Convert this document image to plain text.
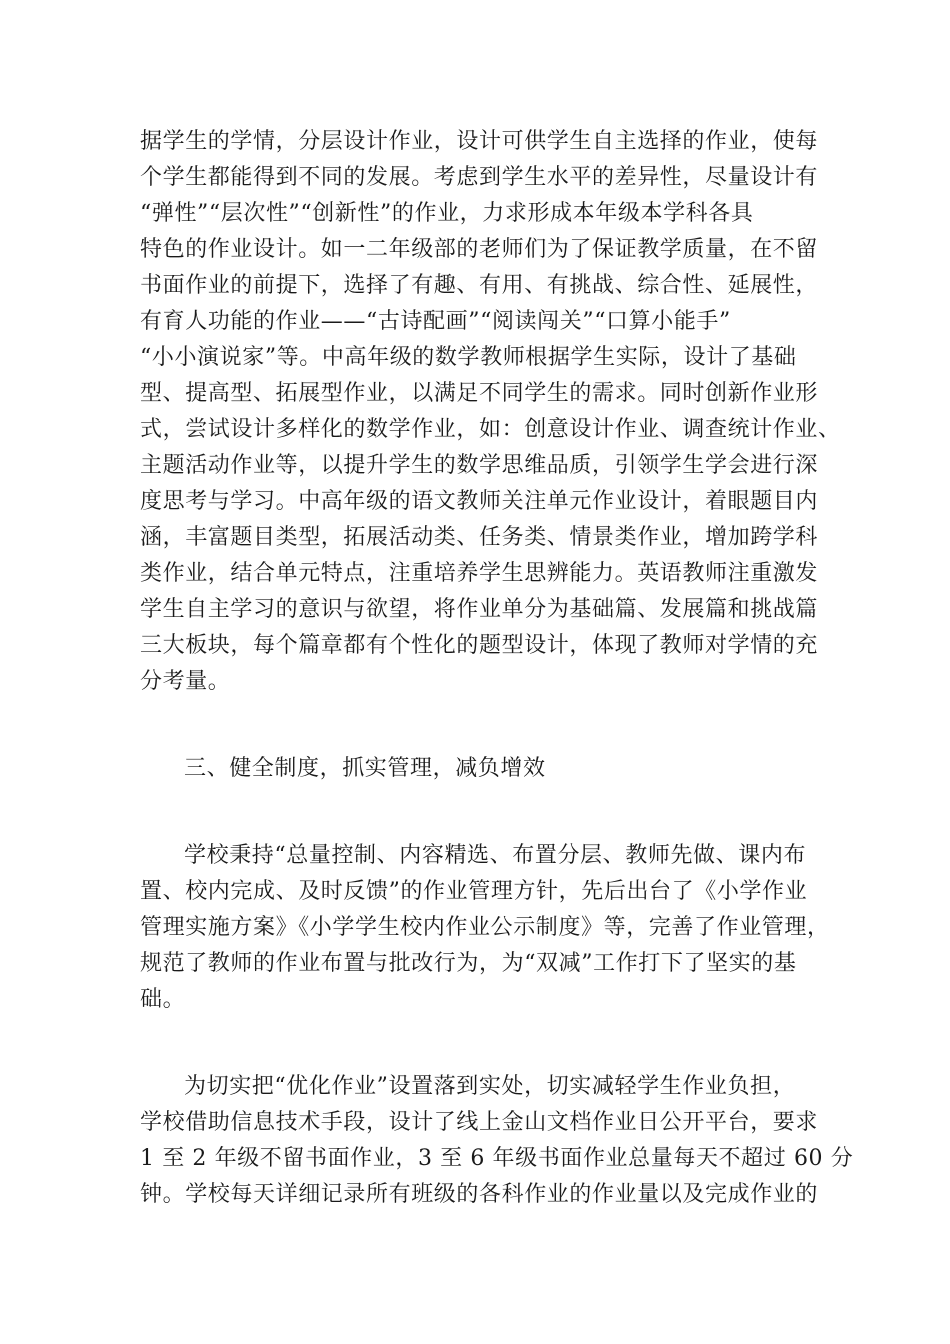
据学生的学情，分层设计作业，设计可供学生自主选择的作业，使每
个学生都能得到不同的发展。考虑到学生水平的差异性，尽量设计有
“弹性”“层次性”“创新性”的作业，力求形成本年级本学科各具
特色的作业设计。如一二年级部的老师们为了保证教学质量，在不留
书面作业的前提下，选择了有趣、有用、有挑战、综合性、延展性，
有育人功能的作业——“古诗配画”“阅读闯关”“口算小能手”
“小小演说家”等。中高年级的数学教师根据学生实际，设计了基础
型、提高型、拓展型作业，以满足不同学生的需求。同时创新作业形
式，尝试设计多样化的数学作业，如：创意设计作业、调查统计作业、
主题活动作业等，以提升学生的数学思维品质，引领学生学会进行深
度思考与学习。中高年级的语文教师关注单元作业设计，着眼题目内
涵，丰富题目类型，拓展活动类、任务类、情景类作业，增加跨学科
类作业，结合单元特点，注重培养学生思辨能力。英语教师注重激发
学生自主学习的意识与欲望，将作业单分为基础篇、发展篇和挑战篇
三大板块，每个篇章都有个性化的题型设计，体现了教师对学情的充
分考量。
三、健全制度，抓实管理，减负增效
学校秉持“总量控制、内容精选、布置分层、教师先做、课内布
置、校内完成、及时反馈”的作业管理方针，先后出台了《小学作业
管理实施方案》《小学学生校内作业公示制度》等，完善了作业管理，
规范了教师的作业布置与批改行为，为“双减”工作打下了坚实的基
础。
为切实把“优化作业”设置落到实处，切实减轻学生作业负担，
学校借助信息技术手段，设计了线上金山文档作业日公开平台，要求
1 至 2 年级不留书面作业，3 至 6 年级书面作业总量每天不超过 60 分
钟。学校每天详细记录所有班级的各科作业的作业量以及完成作业的
